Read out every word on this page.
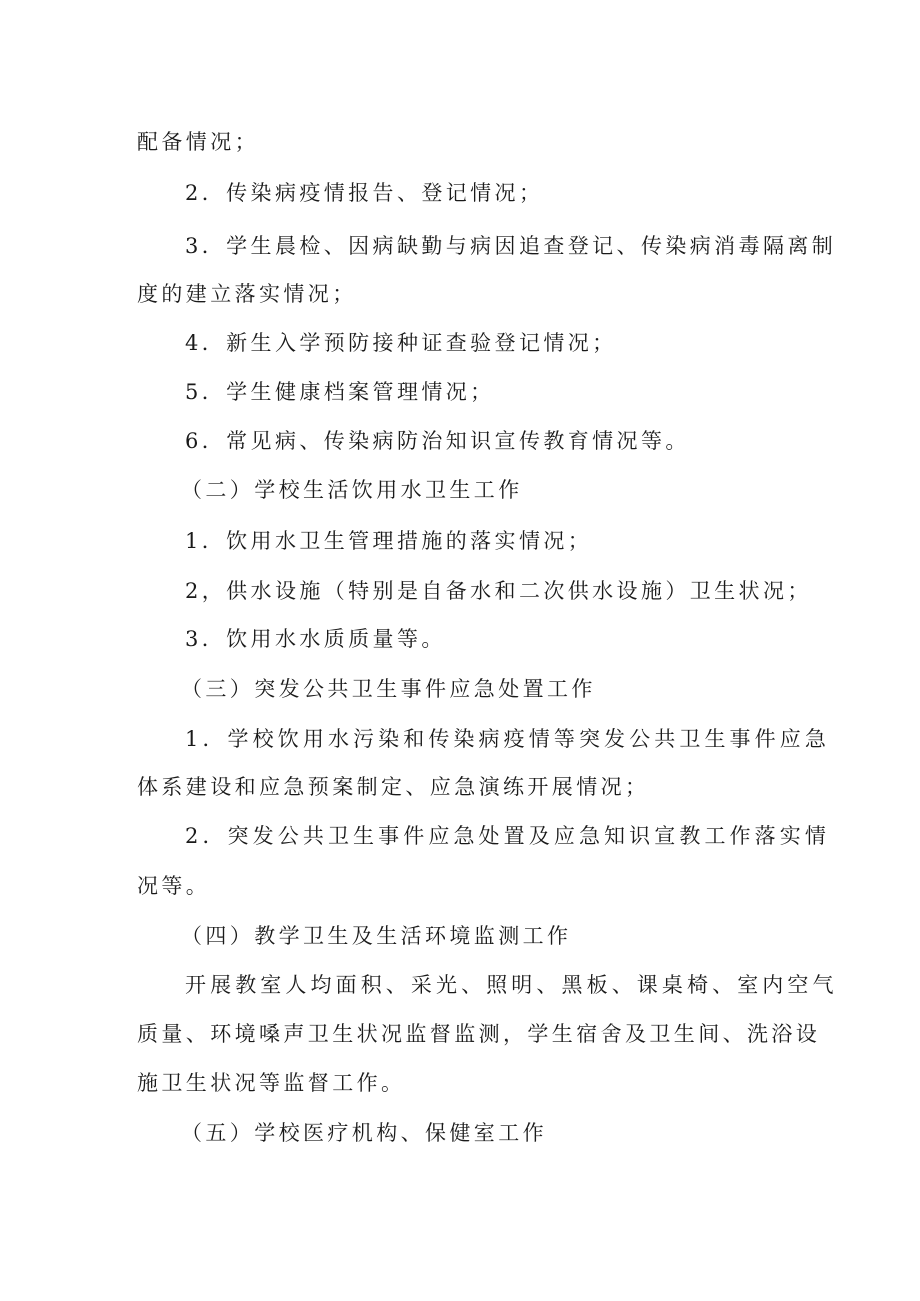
配备情况；
2．传染病疫情报告、登记情况；
3．学生晨检、因病缺勤与病因追查登记、传染病消毒隔离制
度的建立落实情况；
4．新生入学预防接种证查验登记情况；
5．学生健康档案管理情况；
6．常见病、传染病防治知识宣传教育情况等。
（二）学校生活饮用水卫生工作
1．饮用水卫生管理措施的落实情况；
2，供水设施（特别是自备水和二次供水设施）卫生状况；
3．饮用水水质质量等。
（三）突发公共卫生事件应急处置工作
1．学校饮用水污染和传染病疫情等突发公共卫生事件应急
体系建设和应急预案制定、应急演练开展情况；
2．突发公共卫生事件应急处置及应急知识宣教工作落实情
况等。
（四）教学卫生及生活环境监测工作
开展教室人均面积、采光、照明、黑板、课桌椅、室内空气
质量、环境嗓声卫生状况监督监测，学生宿舍及卫生间、洗浴设
施卫生状况等监督工作。
（五）学校医疗机构、保健室工作
